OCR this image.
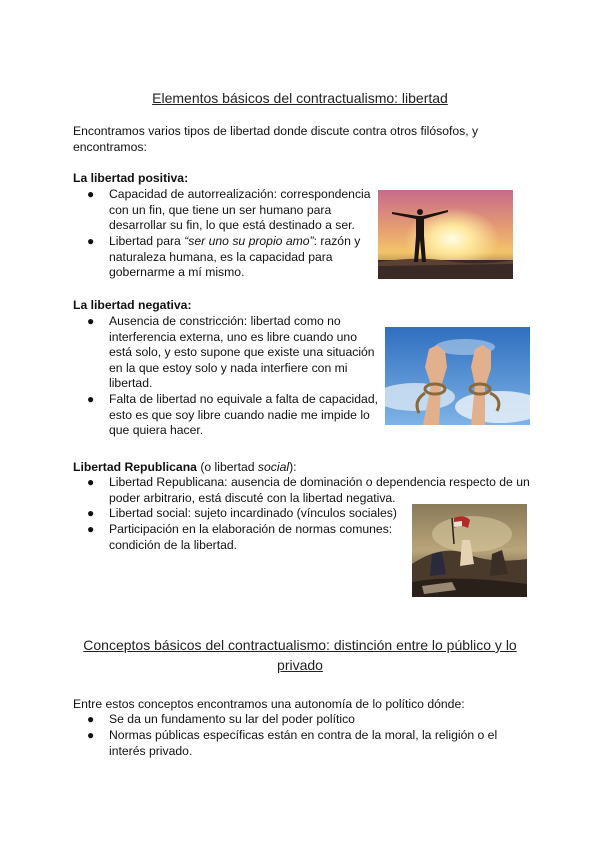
Elementos básicos del contractualismo: libertad
Encontramos varios tipos de libertad donde discute contra otros filósofos, y
encontramos:
La libertad positiva:
● Capacidad de autorrealización: correspondencia
con un fin, que tiene un ser humano para
desarrollar su fin, lo que está destinado a ser.
● Libertad para “ser uno su propio amo”: razón y
naturaleza humana, es la capacidad para
gobernarme a mí mismo.
La libertad negativa:
● Ausencia de constricción: libertad como no
interferencia externa, uno es libre cuando uno
está solo, y esto supone que existe una situación
en la que estoy solo y nada interfiere con mi
libertad.
● Falta de libertad no equivale a falta de capacidad,
esto es que soy libre cuando nadie me impide lo
que quiera hacer.
Libertad Republicana (o libertad social):
● Libertad Republicana: ausencia de dominación o dependencia respecto de un
poder arbitrario, está discuté con la libertad negativa.
● Libertad social: sujeto incardinado (vínculos sociales)
● Participación en la elaboración de normas comunes:
condición de la libertad.
Conceptos básicos del contractualismo: distinción entre lo público y lo
privado
Entre estos conceptos encontramos una autonomía de lo político dónde:
● Se da un fundamento su lar del poder político
● Normas públicas específicas están en contra de la moral, la religión o el
interés privado.
